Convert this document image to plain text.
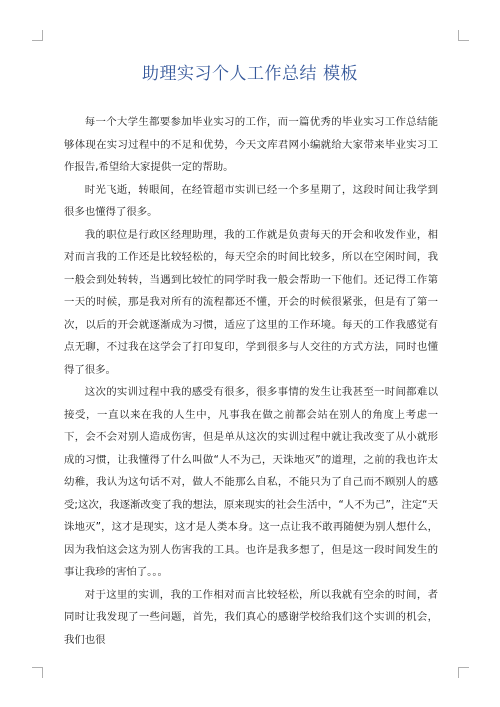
助理实习个人工作总结 模板

每一个大学生都要参加毕业实习的工作，而一篇优秀的毕业实习工作总结能够体现在实习过程中的不足和优势，今天文库君网小编就给大家带来毕业实习工作报告,希望给大家提供一定的帮助。

时光飞逝，转眼间，在经管超市实训已经一个多星期了，这段时间让我学到 很多也懂得了很多。

我的职位是行政区经理助理，我的工作就是负责每天的开会和收发作业，相对而言我的工作还是比较轻松的，每天空余的时间比较多，所以在空闲时间，我一般会到处转转，当遇到比较忙的同学时我一般会帮助一下他们。还记得工作第一天的时候，那是我对所有的流程都还不懂，开会的时候很紧张，但是有了第一次，以后的开会就逐渐成为习惯，适应了这里的工作环境。每天的工作我感觉有点无聊，不过我在这学会了打印复印，学到很多与人交往的方式方法，同时也懂得了很多。

这次的实训过程中我的感受有很多，很多事情的发生让我甚至一时间都难以接受，一直以来在我的人生中，凡事我在做之前都会站在别人的角度上考虑一下，会不会对别人造成伤害，但是单从这次的实训过程中就让我改变了从小就形成的习惯，让我懂得了什么叫做“人不为己，天诛地灭”的道理，之前的我也许太幼稚，我认为这句话不对，做人不能那么自私，不能只为了自己而不顾别人的感受;这次，我逐渐改变了我的想法，原来现实的社会生活中，“人不为己”，注定“天诛地灭”，这才是现实，这才是人类本身。这一点让我不敢再随便为别人想什么，因为我怕这会这为别人伤害我的工具。也许是我多想了，但是这一段时间发生的事让我珍的害怕了。。。

对于这里的实训，我的工作相对而言比较轻松，所以我就有空余的时间，者同时让我发现了一些问题，首先，我们真心的感谢学校给我们这个实训的机会，我们也很
